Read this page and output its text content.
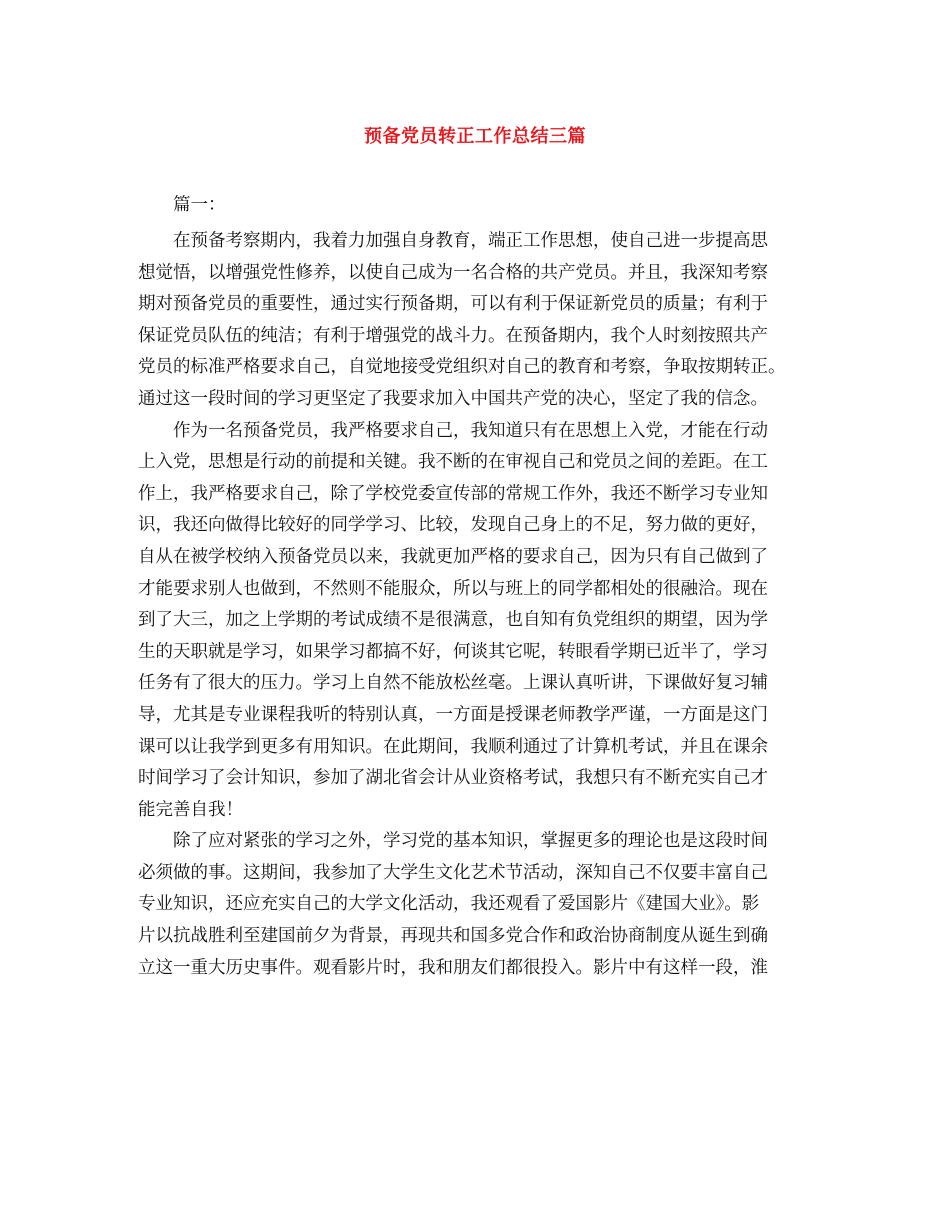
预备党员转正工作总结三篇
篇一：
在预备考察期内，我着力加强自身教育，端正工作思想，使自己进一步提高思
想觉悟，以增强党性修养，以使自己成为一名合格的共产党员。并且，我深知考察
期对预备党员的重要性，通过实行预备期，可以有利于保证新党员的质量；有利于
保证党员队伍的纯洁；有利于增强党的战斗力。在预备期内，我个人时刻按照共产
党员的标准严格要求自己，自觉地接受党组织对自己的教育和考察，争取按期转正。
通过这一段时间的学习更坚定了我要求加入中国共产党的决心，坚定了我的信念。
作为一名预备党员，我严格要求自己，我知道只有在思想上入党，才能在行动
上入党，思想是行动的前提和关键。我不断的在审视自己和党员之间的差距。在工
作上，我严格要求自己，除了学校党委宣传部的常规工作外，我还不断学习专业知
识，我还向做得比较好的同学学习、比较，发现自己身上的不足，努力做的更好，
自从在被学校纳入预备党员以来，我就更加严格的要求自己，因为只有自己做到了
才能要求别人也做到，不然则不能服众，所以与班上的同学都相处的很融洽。现在
到了大三，加之上学期的考试成绩不是很满意，也自知有负党组织的期望，因为学
生的天职就是学习，如果学习都搞不好，何谈其它呢，转眼看学期已近半了，学习
任务有了很大的压力。学习上自然不能放松丝毫。上课认真听讲，下课做好复习辅
导，尤其是专业课程我听的特别认真，一方面是授课老师教学严谨，一方面是这门
课可以让我学到更多有用知识。在此期间，我顺利通过了计算机考试，并且在课余
时间学习了会计知识，参加了湖北省会计从业资格考试，我想只有不断充实自己才
能完善自我！
除了应对紧张的学习之外，学习党的基本知识，掌握更多的理论也是这段时间
必须做的事。这期间，我参加了大学生文化艺术节活动，深知自己不仅要丰富自己
专业知识，还应充实自己的大学文化活动，我还观看了爱国影片《建国大业》。影
片以抗战胜利至建国前夕为背景，再现共和国多党合作和政治协商制度从诞生到确
立这一重大历史事件。观看影片时，我和朋友们都很投入。影片中有这样一段，淮
